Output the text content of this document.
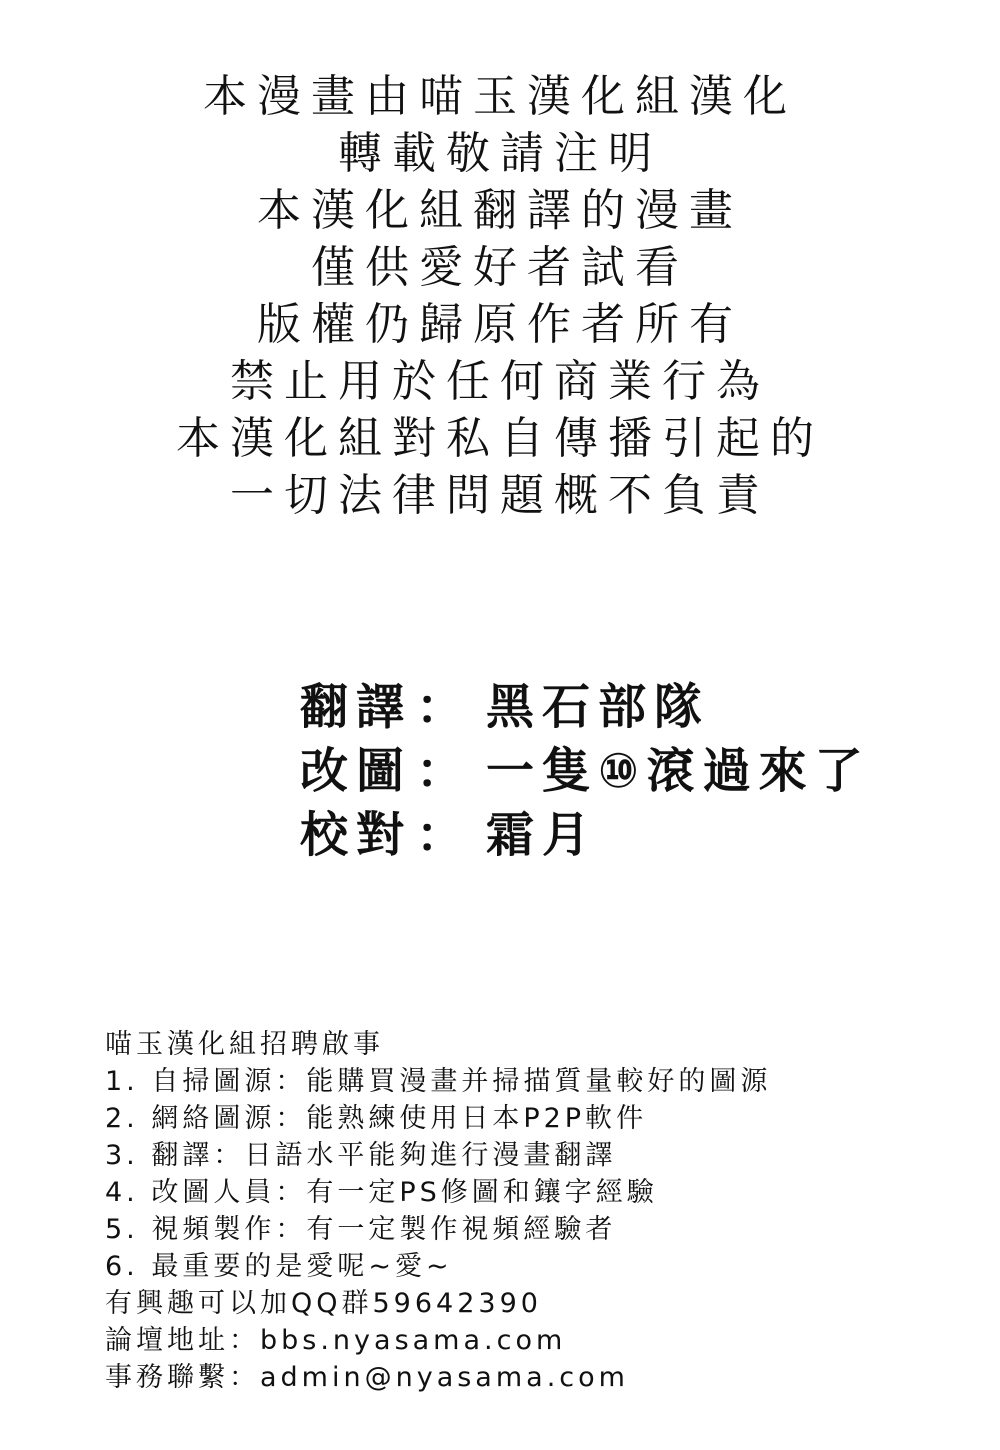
本漫畫由喵玉漢化組漢化
轉載敬請注明
本漢化組翻譯的漫畫
僅供愛好者試看
版權仍歸原作者所有
禁止用於任何商業行為
本漢化組對私自傳播引起的
一切法律問題概不負責
翻譯： 黑石部隊
改圖： 一隻⑩滾過來了
校對： 霜月
喵玉漢化組招聘啟事
1. 自掃圖源：能購買漫畫并掃描質量較好的圖源
2. 網絡圖源：能熟練使用日本P2P軟件
3. 翻譯：日語水平能夠進行漫畫翻譯
4. 改圖人員：有一定PS修圖和鑲字經驗
5. 視頻製作：有一定製作視頻經驗者
6. 最重要的是愛呢~愛~
有興趣可以加QQ群59642390
論壇地址：bbs.nyasama.com
事務聯繫：admin@nyasama.com
